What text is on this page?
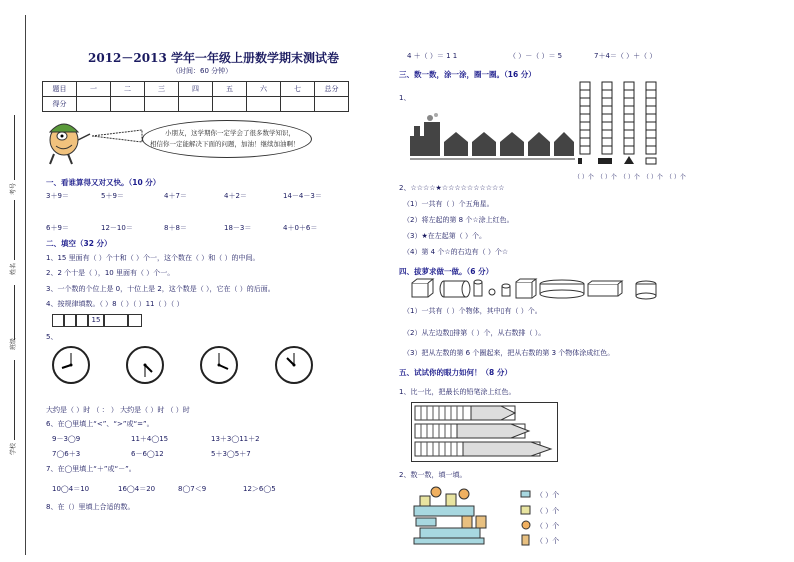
考号
姓名
班级
学校
2012－2013 学年一年级上册数学期末测试卷
（时间：60 分钟）
题目	一	二	三	四	五	六	七	总分
得分								
小朋友，这学期你一定学会了很多数学知识，
相信你一定能解决下面的问题，加油！继续加油啊！
一、看谁算得又对又快。（10 分）
3＋9＝	5＋9＝	4＋7＝	4＋2＝	14－4－3＝
6＋9＝	12－10＝	8＋8＝	18－3＝	4＋0＋6＝
二、填空（32 分）
1、15 里面有（ ）个十和（ ）个一，这个数在（ ）和（ ）的中间。
2、2 个十是（ ），10 里面有（ ）个一。
3、一个数的个位上是 0，十位上是 2，这个数是（ ），它在（ ）的后面。
4、按规律填数。（ ）8（ ）（ ）11（ ）（ ）
15
5、
大约是（ ）时 （ ： ） 大约是（ ）时 （ ）时
6、在◯里填上“<”、“>”或“=”。
9－3◯9	11＋4◯15	13＋3◯11＋2
7◯6＋3	6－6◯12	5＋3◯5＋7
7、在◯里填上“＋”或“－”。
10◯4＝10	16◯4＝20	8◯7＜9	12＞6◯5
8、在（）里填上合适的数。
4 ＋（ ）＝ 1 1	（ ）－（ ）＝ 5	7＋4＝（ ）＋（ ）
三、数一数，涂一涂，圈一圈。（16 分）
1、
（ ）个 （ ）个 （ ）个 （ ）个 （ ）个
2、☆☆☆☆★☆☆☆☆☆☆☆☆☆☆
（1）一共有（ ）个五角星。
（2）将左起的第 8 个☆涂上红色。
（3）★在左起第（ ）个。
（4）第 4 个☆的右边有（ ）个☆
四、拔萝求做一做。（6 分）
（1）一共有（ ）个物体，其中▯有（ ）个。
（2）从左边数▯排第（ ）个，从右数排（ ）。
（3）把从左数的第 6 个圈起来，把从右数的第 3 个物体涂成红色。
五、试试你的眼力如何！（8 分）
1、比一比，把最长的铅笔涂上红色。
2、数一数，填一填。
（ ）个
（ ）个
（ ）个
（ ）个
